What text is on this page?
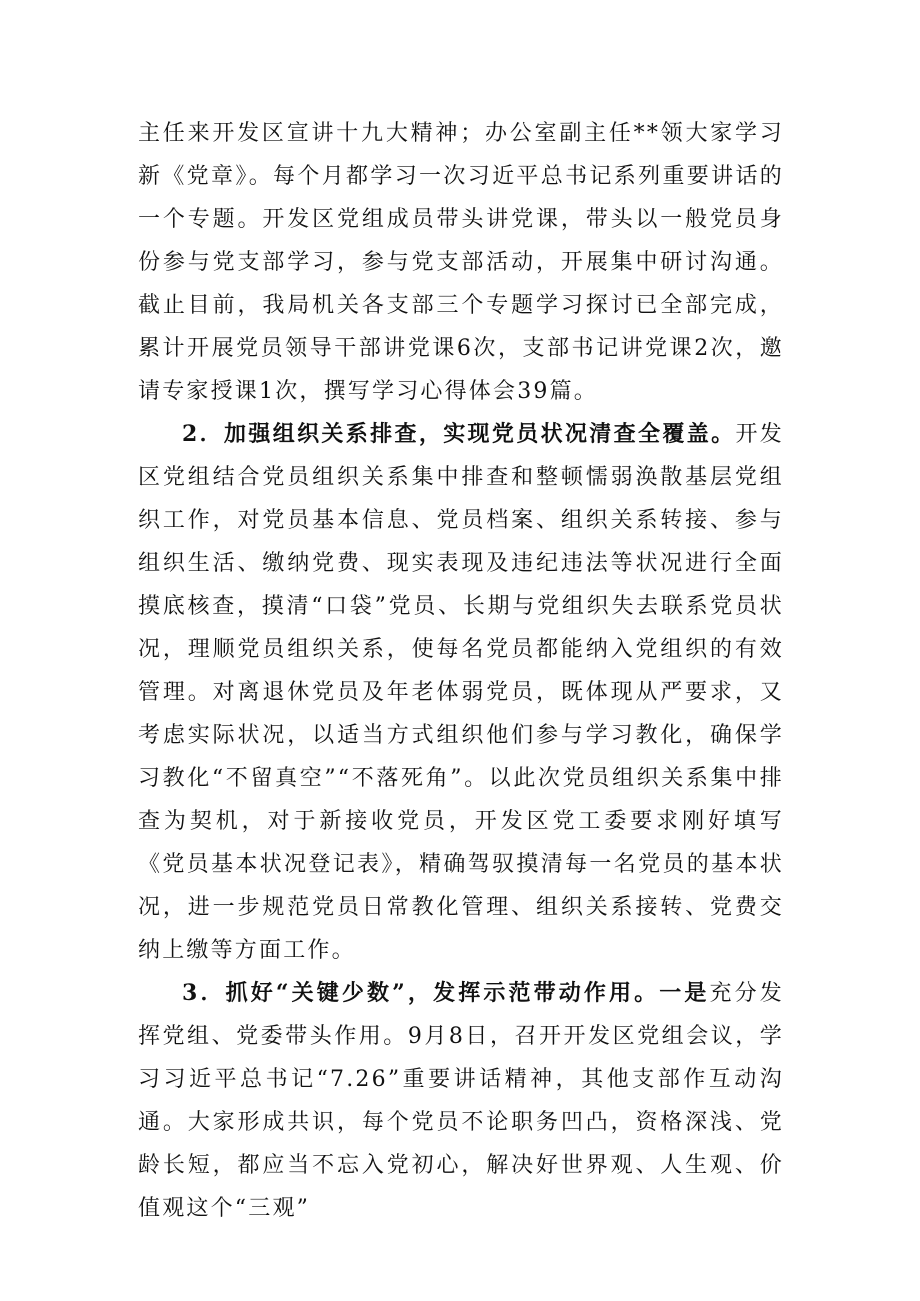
主任来开发区宣讲十九大精神；办公室副主任**领大家学习新《党章》。每个月都学习一次习近平总书记系列重要讲话的一个专题。开发区党组成员带头讲党课，带头以一般党员身份参与党支部学习，参与党支部活动，开展集中研讨沟通。截止目前，我局机关各支部三个专题学习探讨已全部完成，累计开展党员领导干部讲党课6次，支部书记讲党课2次，邀请专家授课1次，撰写学习心得体会39篇。

2．加强组织关系排查，实现党员状况清查全覆盖。开发区党组结合党员组织关系集中排查和整顿懦弱涣散基层党组织工作，对党员基本信息、党员档案、组织关系转接、参与组织生活、缴纳党费、现实表现及违纪违法等状况进行全面摸底核查，摸清“口袋”党员、长期与党组织失去联系党员状况，理顺党员组织关系，使每名党员都能纳入党组织的有效管理。对离退休党员及年老体弱党员，既体现从严要求，又考虑实际状况，以适当方式组织他们参与学习教化，确保学习教化“不留真空”“不落死角”。以此次党员组织关系集中排查为契机，对于新接收党员，开发区党工委要求刚好填写《党员基本状况登记表》，精确驾驭摸清每一名党员的基本状况，进一步规范党员日常教化管理、组织关系接转、党费交纳上缴等方面工作。

3．抓好“关键少数”，发挥示范带动作用。一是充分发挥党组、党委带头作用。9月8日，召开开发区党组会议，学习习近平总书记“7.26”重要讲话精神，其他支部作互动沟通。大家形成共识，每个党员不论职务凹凸，资格深浅、党龄长短，都应当不忘入党初心，解决好世界观、人生观、价值观这个“三观”
